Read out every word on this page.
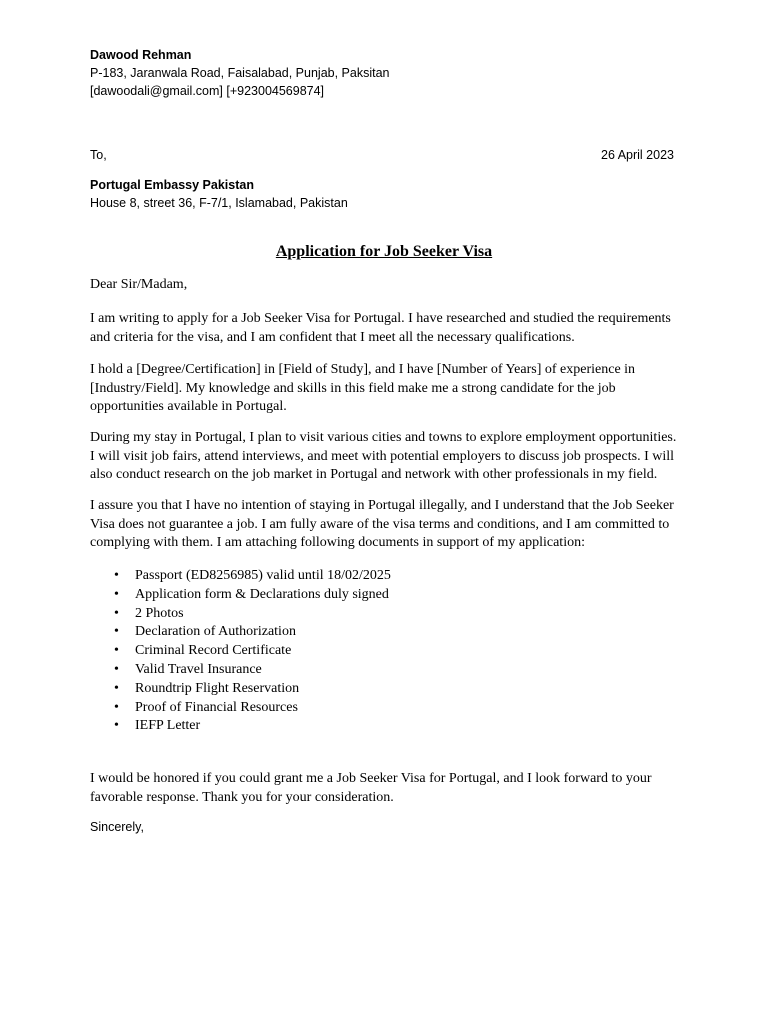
Dawood Rehman
P-183, Jaranwala Road, Faisalabad, Punjab, Paksitan
[dawoodali@gmail.com] [+923004569874]
To,	26 April 2023
Portugal Embassy Pakistan
House 8, street 36, F-7/1, Islamabad, Pakistan
Application for Job Seeker Visa
Dear Sir/Madam,

I am writing to apply for a Job Seeker Visa for Portugal. I have researched and studied the requirements and criteria for the visa, and I am confident that I meet all the necessary qualifications.

I hold a [Degree/Certification] in [Field of Study], and I have [Number of Years] of experience in [Industry/Field]. My knowledge and skills in this field make me a strong candidate for the job opportunities available in Portugal.

During my stay in Portugal, I plan to visit various cities and towns to explore employment opportunities. I will visit job fairs, attend interviews, and meet with potential employers to discuss job prospects. I will also conduct research on the job market in Portugal and network with other professionals in my field.

I assure you that I have no intention of staying in Portugal illegally, and I understand that the Job Seeker Visa does not guarantee a job. I am fully aware of the visa terms and conditions, and I am committed to complying with them. I am attaching following documents in support of my application:

• Passport (ED8256985) valid until 18/02/2025
• Application form & Declarations duly signed
• 2 Photos
• Declaration of Authorization
• Criminal Record Certificate
• Valid Travel Insurance
• Roundtrip Flight Reservation
• Proof of Financial Resources
• IEFP Letter

I would be honored if you could grant me a Job Seeker Visa for Portugal, and I look forward to your favorable response. Thank you for your consideration.

Sincerely,
